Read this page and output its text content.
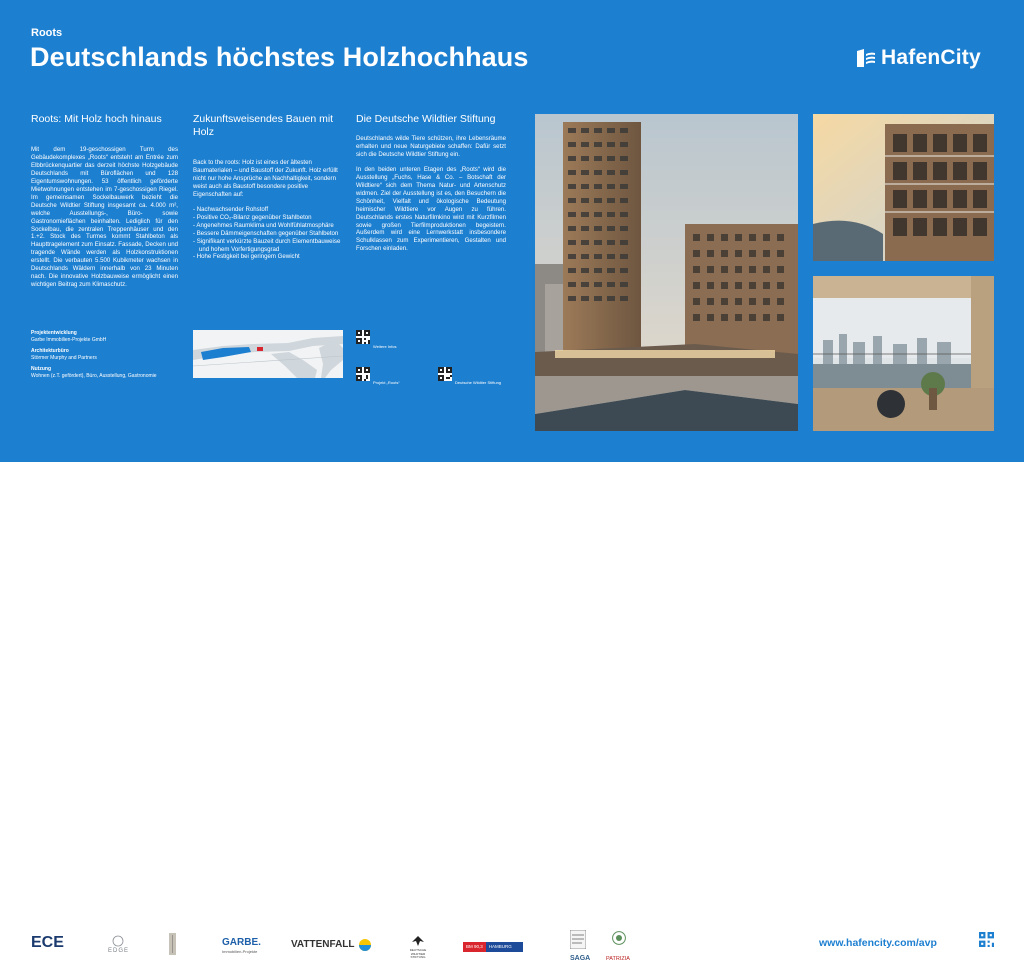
Roots
Deutschlands höchstes Holzhochhaus	HafenCity
Roots: Mit Holz hoch hinaus
Mit dem 19-geschossigen Turm des Gebäudekomplexes „Roots“ entsteht am Entrée zum Elbbrückenquartier das derzeit höchste Holzgebäude Deutschlands mit Büroflächen und 128 Eigentumswohnungen. 53 öffentlich geförderte Mietwohnungen entstehen im 7-geschossigen Riegel. Im gemeinsamen Sockelbauwerk bezieht die Deutsche Wildtier Stiftung insgesamt ca. 4.000 m², welche Ausstellungs-, Büro- sowie Gastronomieflächen beinhalten. Lediglich für den Sockelbau, die zentralen Treppenhäuser und den 1.+2. Stock des Turmes kommt Stahlbeton als Haupttragelement zum Einsatz. Fassade, Decken und tragende Wände werden als Holzkonstruktionen erstellt. Die verbauten 5.500 Kubikmeter wachsen in Deutschlands Wäldern innerhalb von 23 Minuten nach. Die innovative Holzbauweise ermöglicht einen wichtigen Beitrag zum Klimaschutz.
Zukunftsweisendes Bauen mit Holz

Back to the roots: Holz ist eines der ältesten Baumaterialen – und Baustoff der Zukunft. Holz erfüllt nicht nur hohe Ansprüche an Nachhaltigkeit, sondern weist auch als Baustoff besondere positive Eigenschaften auf:

- Nachwachsender Rohstoff
- Positive CO₂-Bilanz gegenüber Stahlbeton
- Angenehmes Raumklima und Wohlfühlatmosphäre
- Bessere Dämmeigenschaften gegenüber Stahlbeton
- Signifikant verkürzte Bauzeit durch Elementbauweise und hohem Vorfertigungsgrad
- Hohe Festigkeit bei geringem Gewicht
Die Deutsche Wildtier Stiftung

Deutschlands wilde Tiere schützen, ihre Lebensräume erhalten und neue Naturgebiete schaffen: Dafür setzt sich die Deutsche Wildtier Stiftung ein.

In den beiden unteren Etagen des „Roots“ wird die Ausstellung „Fuchs, Hase & Co. – Botschaft der Wildtiere“ sich dem Thema Natur- und Artenschutz widmen. Ziel der Ausstellung ist es, den Besuchern die Schönheit, Vielfalt und ökologische Bedeutung heimischer Wildtiere vor Augen zu führen. Deutschlands erstes Naturfilmkino wird mit Kurzfilmen sowie großen Tierfilmproduktionen begeistern. Außerdem wird eine Lernwerkstatt insbesondere Schulklassen zum Experimentieren, Gestalten und Forschen einladen.

Projektentwicklung
Garbe Immobilien-Projekte GmbH
Architekturbüro
Störmer Murphy and Partners
Nutzung
Wohnen (z.T. gefördert), Büro, Ausstellung, Gastronomie
Weitere Infos
Projekt „Roots“	Deutsche Wildtier Stiftung
ECE	EDGE
GARBE.
Immobilien-Projekte
VATTENFALL	DEUTSCHE WILDTIER STIFTUNG
BM 90,3	HAMBURG Journal	SAGA	PATRIZIA
www.hafencity.com/avp
